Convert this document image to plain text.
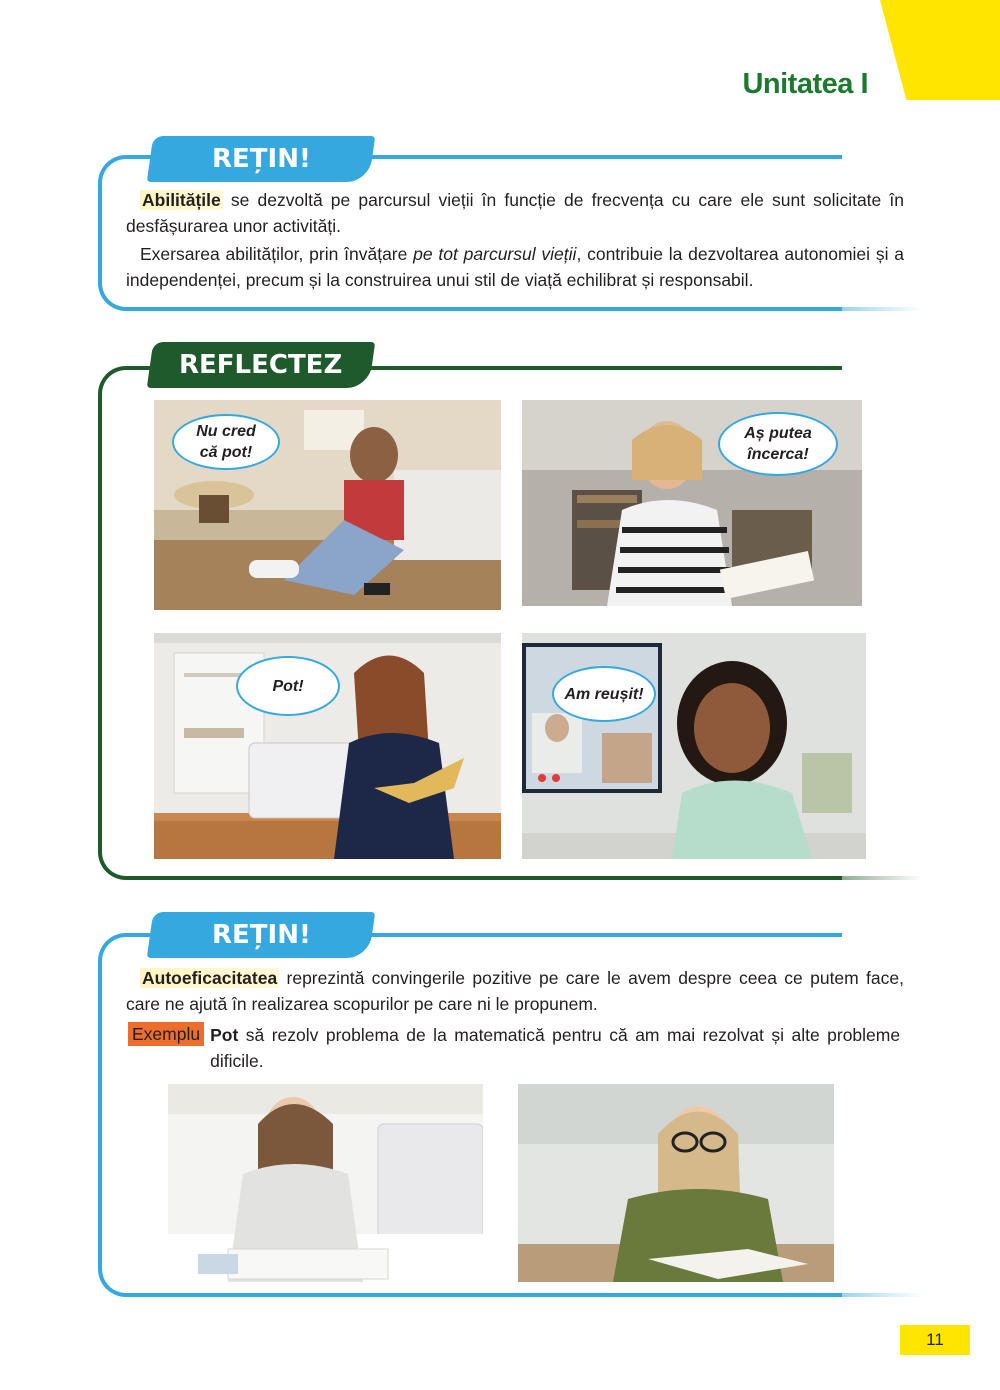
Unitatea I
REȚIN!

Abilitățile se dezvoltă pe parcursul vieții în funcție de frecvența cu care ele sunt solicitate în desfășurarea unor activități.

Exersarea abilităților, prin învățare pe tot parcursul vieții, contribuie la dezvoltarea autonomiei și a independenței, precum și la construirea unui stil de viață echilibrat și responsabil.

REFLECTEZ
Nu cred
că pot!
Aș putea
încerca!
Pot!	Am reușit!
REȚIN!

Autoeficacitatea reprezintă convingerile pozitive pe care le avem despre ceea ce putem face, care ne ajută în realizarea scopurilor pe care ni le propunem.

Exemplu Pot să rezolv problema de la matematică pentru că am mai rezolvat și alte probleme dificile.

11
